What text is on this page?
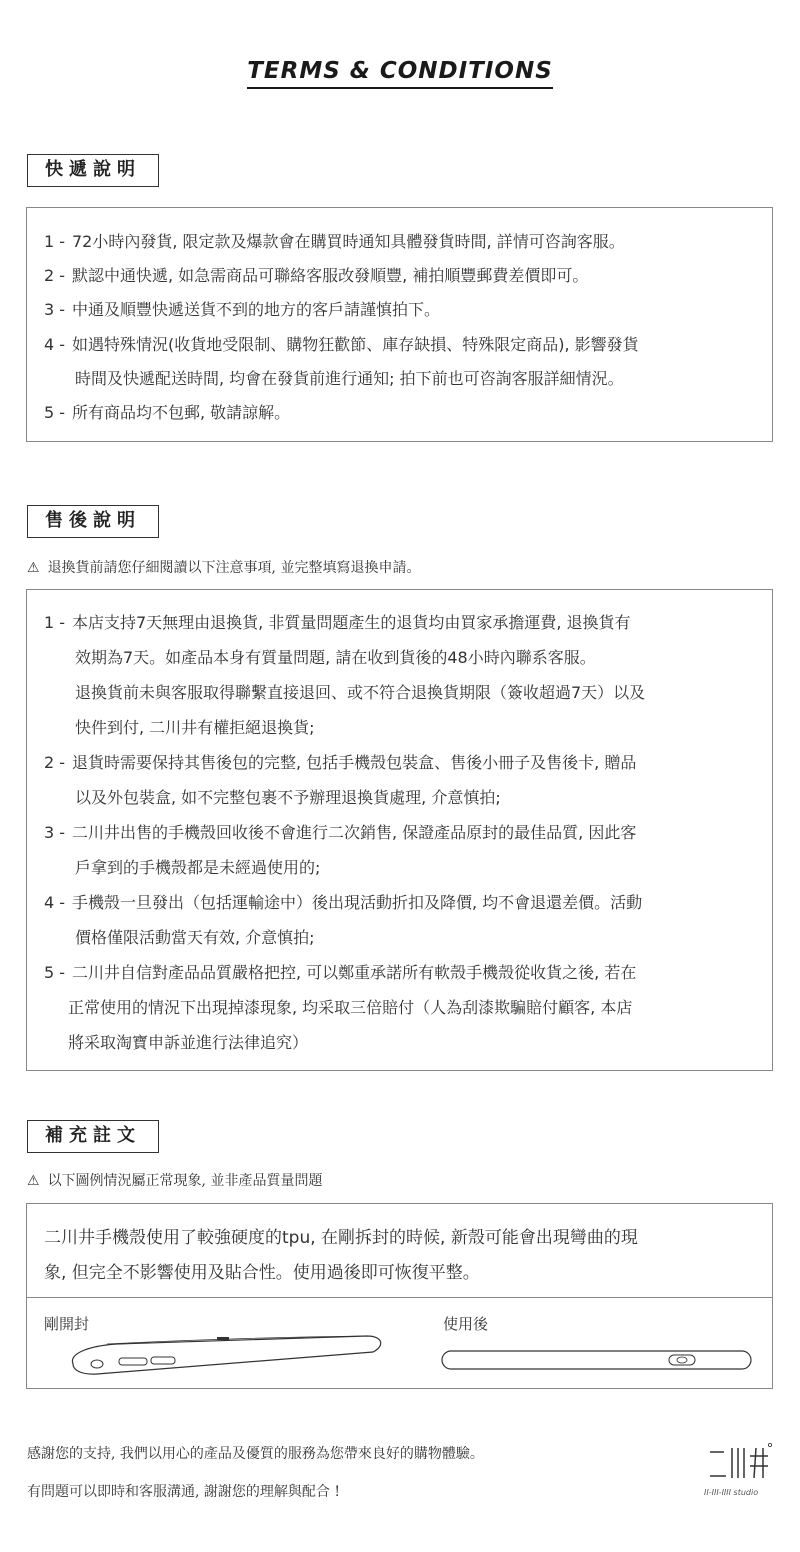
TERMS & CONDITIONS
快遞說明
1 - 72小時內發貨, 限定款及爆款會在購買時通知具體發貨時間, 詳情可咨詢客服。
2 - 默認中通快遞, 如急需商品可聯絡客服改發順豐, 補拍順豐郵費差價即可。
3 - 中通及順豐快遞送貨不到的地方的客戶請謹慎拍下。
4 - 如遇特殊情況(收貨地受限制、購物狂歡節、庫存缺損、特殊限定商品), 影響發貨
時間及快遞配送時間, 均會在發貨前進行通知; 拍下前也可咨詢客服詳細情況。
5 - 所有商品均不包郵, 敬請諒解。
售後說明
⚠ 退換貨前請您仔細閱讀以下注意事項, 並完整填寫退換申請。
1 - 本店支持7天無理由退換貨, 非質量問題產生的退貨均由買家承擔運費, 退換貨有
效期為7天。如產品本身有質量問題, 請在收到貨後的48小時內聯系客服。
退換貨前未與客服取得聯繫直接退回、或不符合退換貨期限（簽收超過7天）以及
快件到付, 二川井有權拒絕退換貨;
2 - 退貨時需要保持其售後包的完整, 包括手機殼包裝盒、售後小冊子及售後卡, 贈品
以及外包裝盒, 如不完整包裹不予辦理退換貨處理, 介意慎拍;
3 - 二川井出售的手機殼回收後不會進行二次銷售, 保證產品原封的最佳品質, 因此客
戶拿到的手機殼都是未經過使用的;
4 - 手機殼一旦發出（包括運輸途中）後出現活動折扣及降價, 均不會退還差價。活動
價格僅限活動當天有效, 介意慎拍;
5 - 二川井自信對產品品質嚴格把控, 可以鄭重承諾所有軟殼手機殼從收貨之後, 若在
正常使用的情況下出現掉漆現象, 均采取三倍賠付（人為刮漆欺騙賠付顧客, 本店
將采取淘寶申訴並進行法律追究）
補充註文
⚠ 以下圖例情況屬正常現象, 並非產品質量問題
二川井手機殼使用了較強硬度的tpu, 在剛拆封的時候, 新殼可能會出現彎曲的現
象, 但完全不影響使用及貼合性。使用過後即可恢復平整。
剛開封	使用後
感謝您的支持, 我們以用心的產品及優質的服務為您帶來良好的購物體驗。
有問題可以即時和客服溝通, 謝謝您的理解與配合 !	II-III-IIII studio
